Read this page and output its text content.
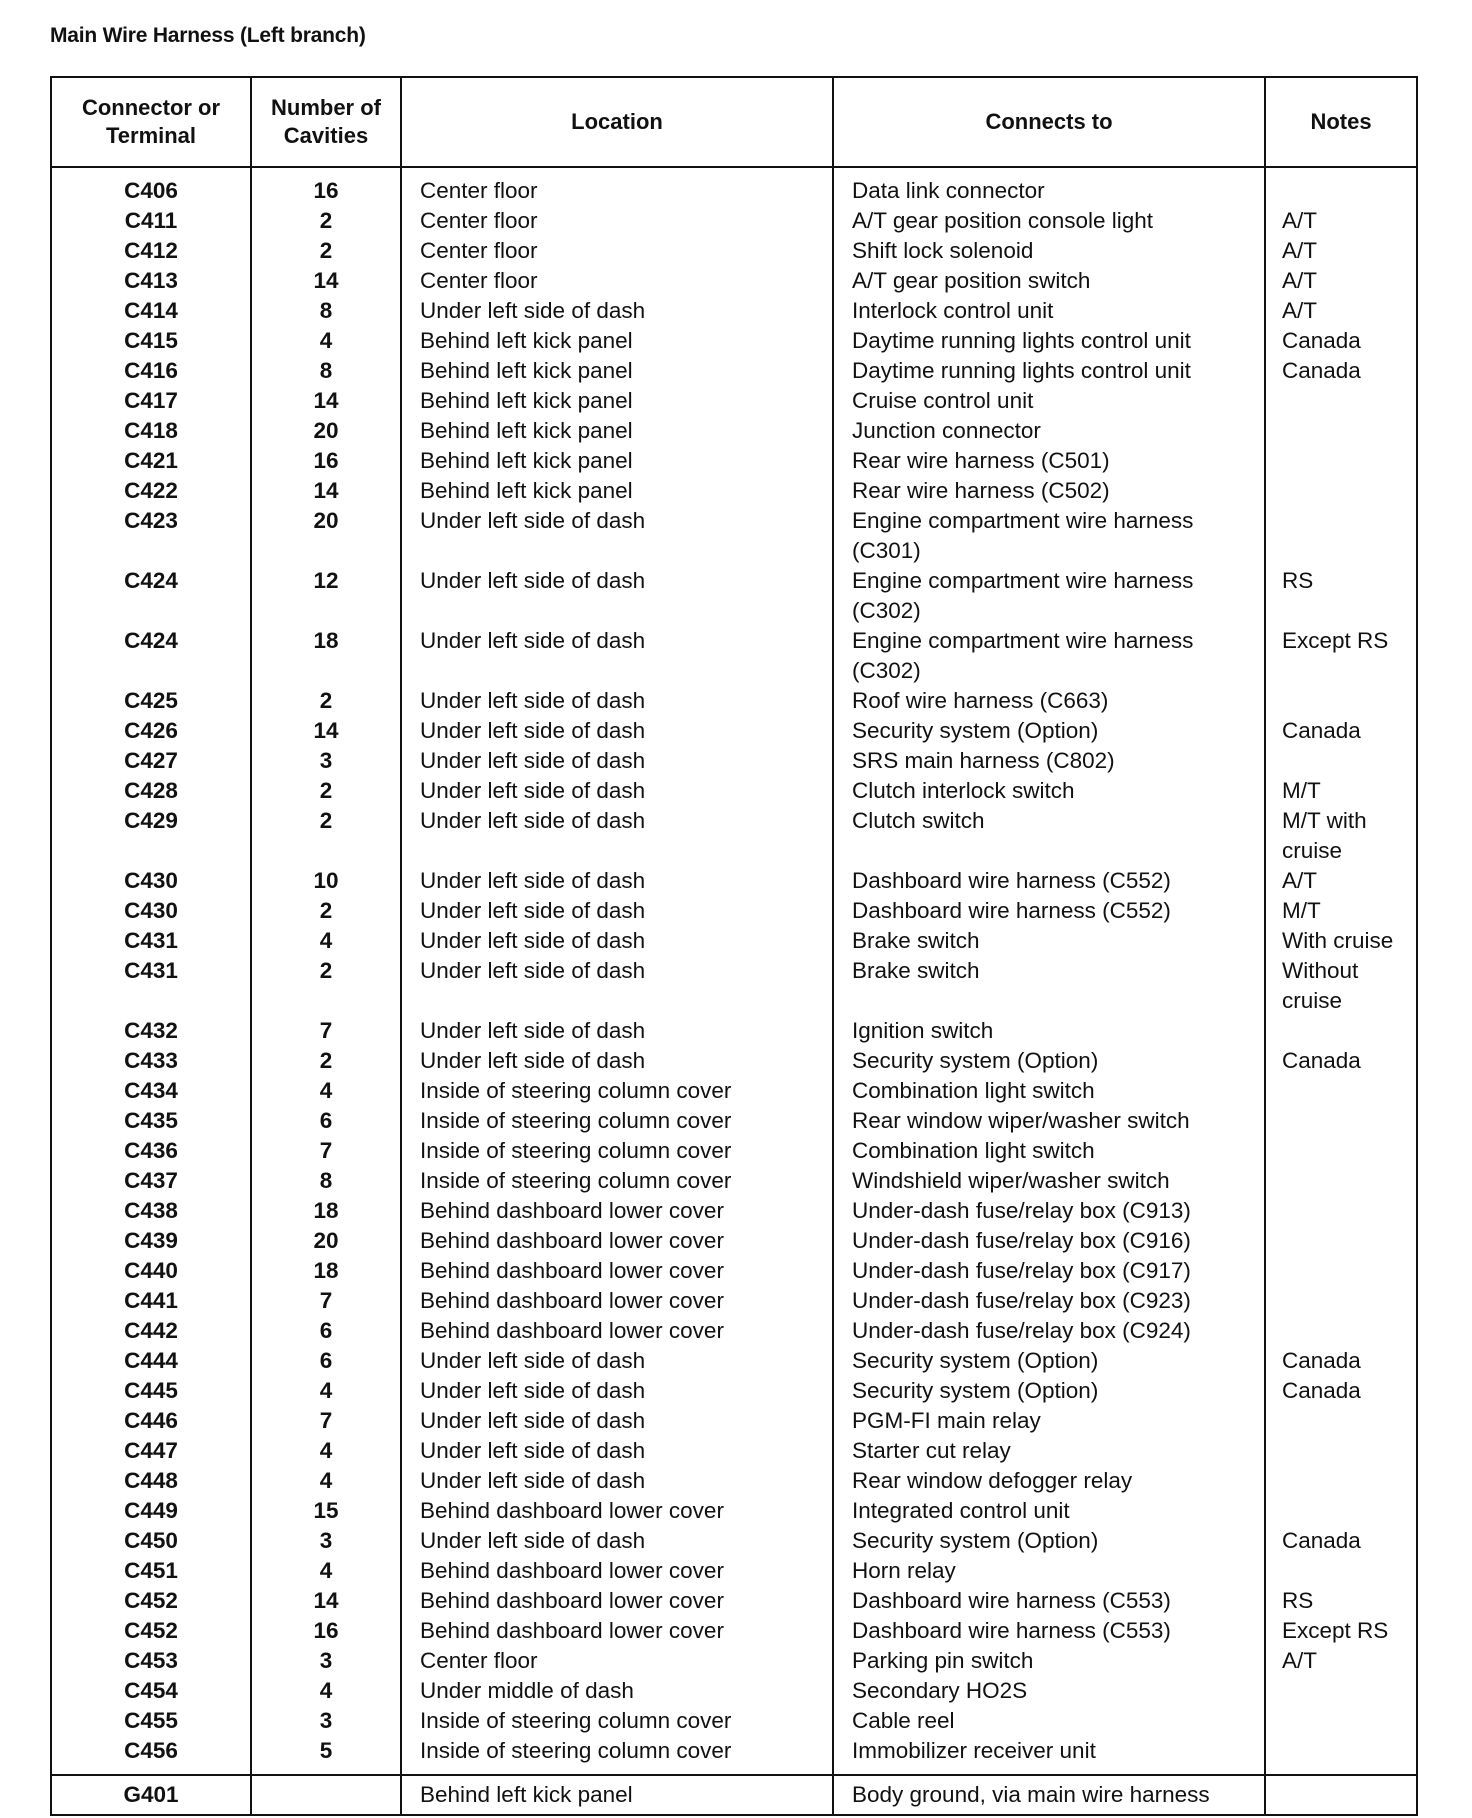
Main Wire Harness (Left branch)
Connector or Terminal	Number of Cavities	Location	Connects to	Notes
C406	16	Center floor	Data link connector	
C411	2	Center floor	A/T gear position console light	A/T
C412	2	Center floor	Shift lock solenoid	A/T
C413	14	Center floor	A/T gear position switch	A/T
C414	8	Under left side of dash	Interlock control unit	A/T
C415	4	Behind left kick panel	Daytime running lights control unit	Canada
C416	8	Behind left kick panel	Daytime running lights control unit	Canada
C417	14	Behind left kick panel	Cruise control unit	
C418	20	Behind left kick panel	Junction connector	
C421	16	Behind left kick panel	Rear wire harness (C501)	
C422	14	Behind left kick panel	Rear wire harness (C502)	
C423	20	Under left side of dash	Engine compartment wire harness (C301)	
C424	12	Under left side of dash	Engine compartment wire harness (C302)	RS
C424	18	Under left side of dash	Engine compartment wire harness (C302)	Except RS
C425	2	Under left side of dash	Roof wire harness (C663)	
C426	14	Under left side of dash	Security system (Option)	Canada
C427	3	Under left side of dash	SRS main harness (C802)	
C428	2	Under left side of dash	Clutch interlock switch	M/T
C429	2	Under left side of dash	Clutch switch	M/T with cruise
C430	10	Under left side of dash	Dashboard wire harness (C552)	A/T
C430	2	Under left side of dash	Dashboard wire harness (C552)	M/T
C431	4	Under left side of dash	Brake switch	With cruise
C431	2	Under left side of dash	Brake switch	Without cruise
C432	7	Under left side of dash	Ignition switch	
C433	2	Under left side of dash	Security system (Option)	Canada
C434	4	Inside of steering column cover	Combination light switch	
C435	6	Inside of steering column cover	Rear window wiper/washer switch	
C436	7	Inside of steering column cover	Combination light switch	
C437	8	Inside of steering column cover	Windshield wiper/washer switch	
C438	18	Behind dashboard lower cover	Under-dash fuse/relay box (C913)	
C439	20	Behind dashboard lower cover	Under-dash fuse/relay box (C916)	
C440	18	Behind dashboard lower cover	Under-dash fuse/relay box (C917)	
C441	7	Behind dashboard lower cover	Under-dash fuse/relay box (C923)	
C442	6	Behind dashboard lower cover	Under-dash fuse/relay box (C924)	
C444	6	Under left side of dash	Security system (Option)	Canada
C445	4	Under left side of dash	Security system (Option)	Canada
C446	7	Under left side of dash	PGM-FI main relay	
C447	4	Under left side of dash	Starter cut relay	
C448	4	Under left side of dash	Rear window defogger relay	
C449	15	Behind dashboard lower cover	Integrated control unit	
C450	3	Under left side of dash	Security system (Option)	Canada
C451	4	Behind dashboard lower cover	Horn relay	
C452	14	Behind dashboard lower cover	Dashboard wire harness (C553)	RS
C452	16	Behind dashboard lower cover	Dashboard wire harness (C553)	Except RS
C453	3	Center floor	Parking pin switch	A/T
C454	4	Under middle of dash	Secondary HO2S	
C455	3	Inside of steering column cover	Cable reel	
C456	5	Inside of steering column cover	Immobilizer receiver unit	
G401		Behind left kick panel	Body ground, via main wire harness	
